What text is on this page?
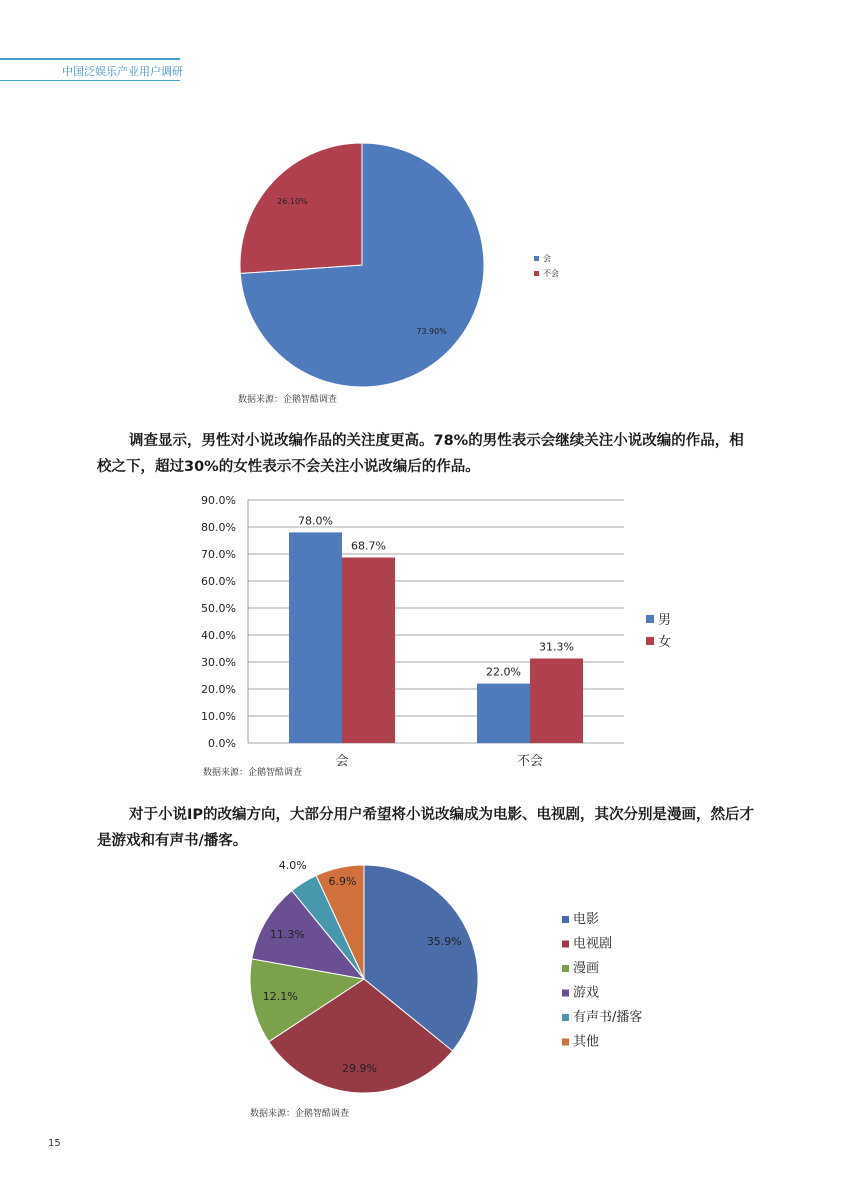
中国泛娱乐产业用户调研
73.90%
26.10%
会
不会
数据来源：企鹅智酷调查
调查显示，男性对小说改编作品的关注度更高。78%的男性表示会继续关注小说改编的作品，相校之下，超过30%的女性表示不会关注小说改编后的作品。
0.0%
10.0%
20.0%
30.0%
40.0%
50.0%
60.0%
70.0%
80.0%
90.0%
78.0%
68.7%
会
22.0%
31.3%
不会
男
女
数据来源：企鹅智酷调查
对于小说IP的改编方向，大部分用户希望将小说改编成为电影、电视剧，其次分别是漫画，然后才是游戏和有声书/播客。
电影
电视剧
漫画
游戏
有声书/播客
其他
35.9%
29.9%
12.1%
11.3%
4.0%
6.9%
数据来源：企鹅智酷调查
15
